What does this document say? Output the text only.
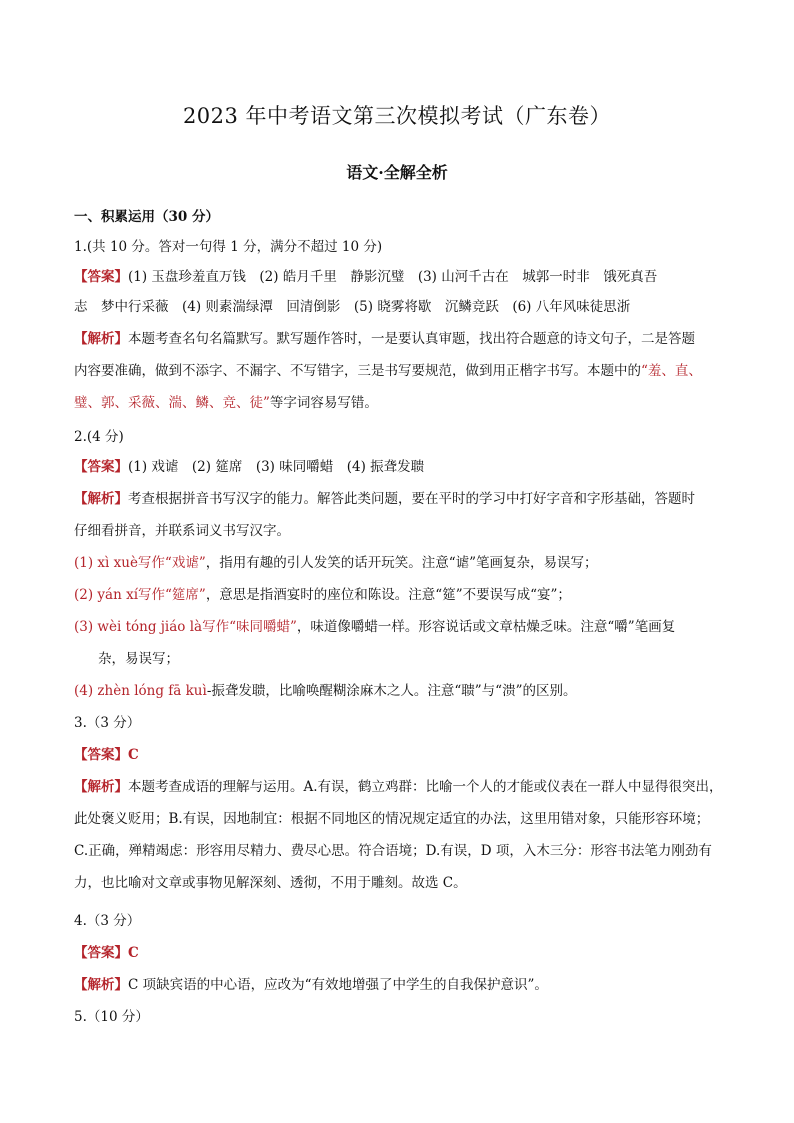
2023 年中考语文第三次模拟考试（广东卷）
语文·全解全析
一、积累运用（30 分）
1.(共 10 分。答对一句得 1 分，满分不超过 10 分)
【答案】(1) 玉盘珍羞直万钱　(2) 皓月千里　静影沉璧　(3) 山河千古在　城郭一时非　饿死真吾
志　梦中行采薇　(4) 则素湍绿潭　回清倒影　(5) 晓雾将歇　沉鳞竞跃　(6) 八年风味徒思浙
【解析】本题考查名句名篇默写。默写题作答时，一是要认真审题，找出符合题意的诗文句子，二是答题
内容要准确，做到不添字、不漏字、不写错字，三是书写要规范，做到用正楷字书写。本题中的“羞、直、
璧、郭、采薇、湍、鳞、竞、徒”等字词容易写错。
2.(4 分)
【答案】(1) 戏谑　(2) 筵席　(3) 味同嚼蜡　(4) 振聋发聩
【解析】考查根据拼音书写汉字的能力。解答此类问题，要在平时的学习中打好字音和字形基础，答题时
仔细看拼音，并联系词义书写汉字。
(1) xì xuè写作“戏谑”，指用有趣的引人发笑的话开玩笑。注意“谑”笔画复杂，易误写；
(2) yán xí写作“筵席”，意思是指酒宴时的座位和陈设。注意“筵”不要误写成“宴”；
(3) wèi tóng jiáo là写作“味同嚼蜡”，味道像嚼蜡一样。形容说话或文章枯燥乏味。注意“嚼”笔画复
杂，易误写；
(4) zhèn lóng fā kuì-振聋发聩，比喻唤醒糊涂麻木之人。注意“聩”与“溃”的区别。
3.（3 分）
【答案】C
【解析】本题考查成语的理解与运用。A.有误，鹤立鸡群：比喻一个人的才能或仪表在一群人中显得很突出，
此处褒义贬用；B.有误，因地制宜：根据不同地区的情况规定适宜的办法，这里用错对象，只能形容环境；
C.正确，殚精竭虑：形容用尽精力、费尽心思。符合语境；D.有误，D 项，入木三分：形容书法笔力刚劲有
力，也比喻对文章或事物见解深刻、透彻，不用于雕刻。故选 C。
4.（3 分）
【答案】C
【解析】C 项缺宾语的中心语，应改为“有效地增强了中学生的自我保护意识”。
5.（10 分）
